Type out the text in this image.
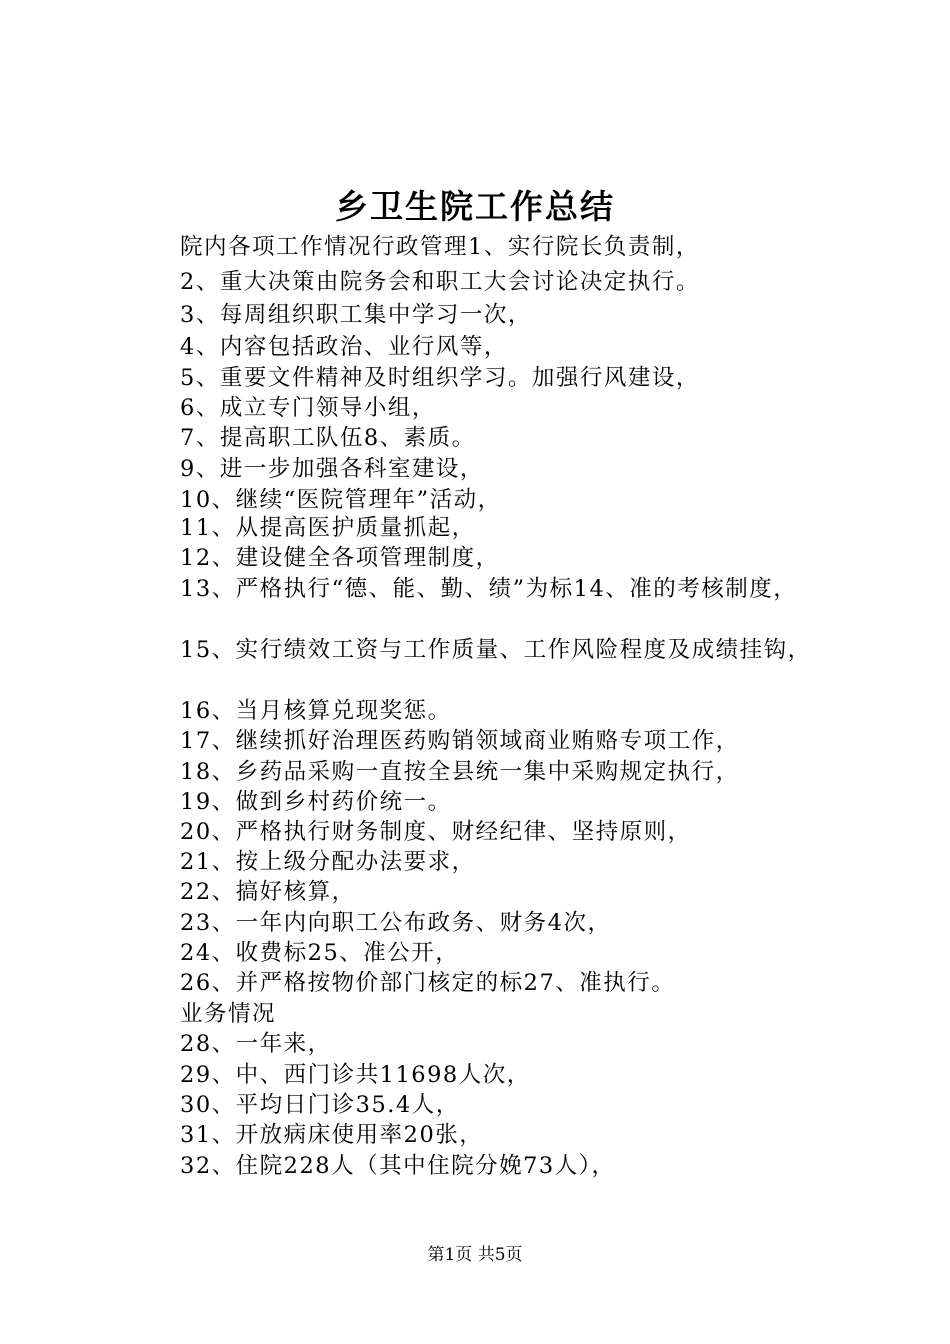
乡卫生院工作总结
院内各项工作情况行政管理1、实行院长负责制，
2、重大决策由院务会和职工大会讨论决定执行。
3、每周组织职工集中学习一次，
4、内容包括政治、业行风等，
5、重要文件精神及时组织学习。加强行风建设，
6、成立专门领导小组，
7、提高职工队伍8、素质。
9、进一步加强各科室建设，
10、继续“医院管理年”活动，
11、从提高医护质量抓起，
12、建设健全各项管理制度，
13、严格执行“德、能、勤、绩”为标14、准的考核制度，
15、实行绩效工资与工作质量、工作风险程度及成绩挂钩，
16、当月核算兑现奖惩。
17、继续抓好治理医药购销领域商业贿赂专项工作，
18、乡药品采购一直按全县统一集中采购规定执行，
19、做到乡村药价统一。
20、严格执行财务制度、财经纪律、坚持原则，
21、按上级分配办法要求，
22、搞好核算，
23、一年内向职工公布政务、财务4次，
24、收费标25、准公开，
26、并严格按物价部门核定的标27、准执行。
业务情况
28、一年来，
29、中、西门诊共11698人次，
30、平均日门诊35.4人，
31、开放病床使用率20张，
32、住院228人（其中住院分娩73人），
第1页 共5页
